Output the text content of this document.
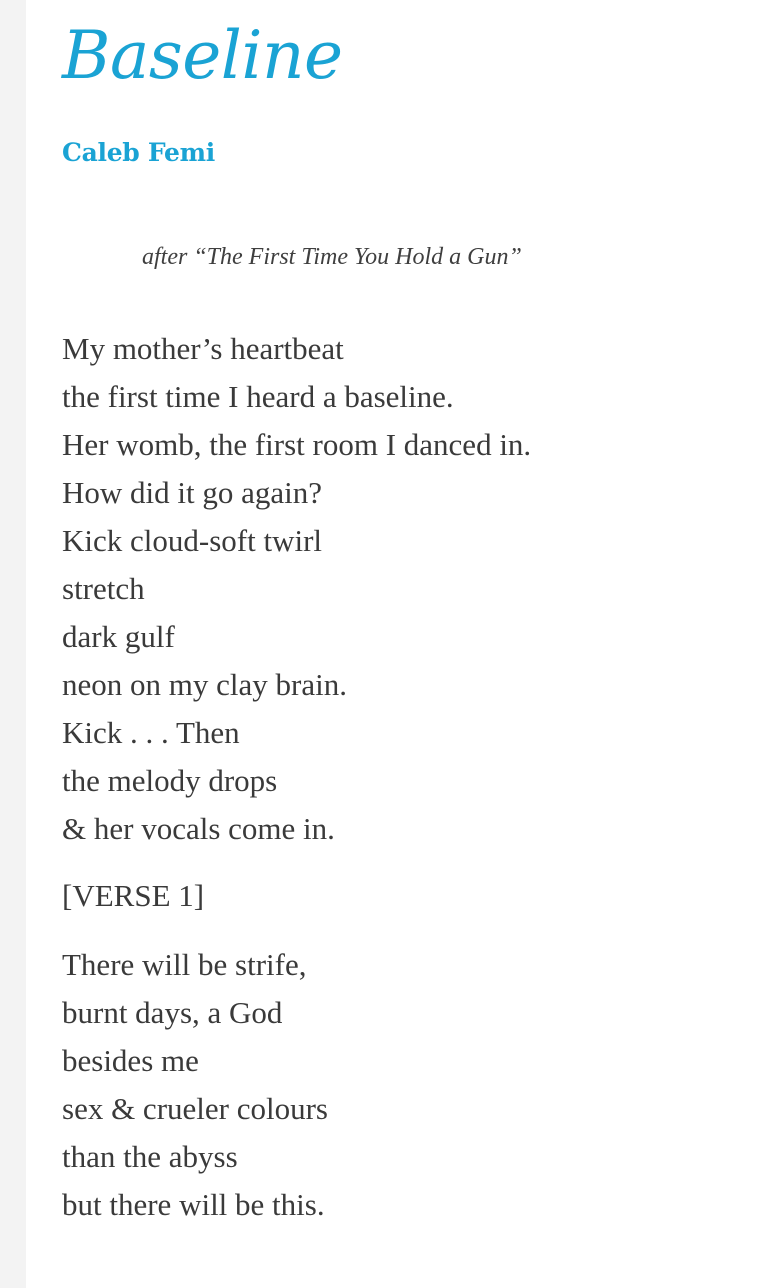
Baseline

Caleb Femi

after “The First Time You Hold a Gun”

My mother’s heartbeat
the first time I heard a baseline.
Her womb, the first room I danced in.
How did it go again?
Kick cloud-soft twirl
stretch
dark gulf
neon on my clay brain.
Kick . . . Then
the melody drops
& her vocals come in.

[VERSE 1]

There will be strife,
burnt days, a God
besides me
sex & crueler colours
than the abyss
but there will be this.
